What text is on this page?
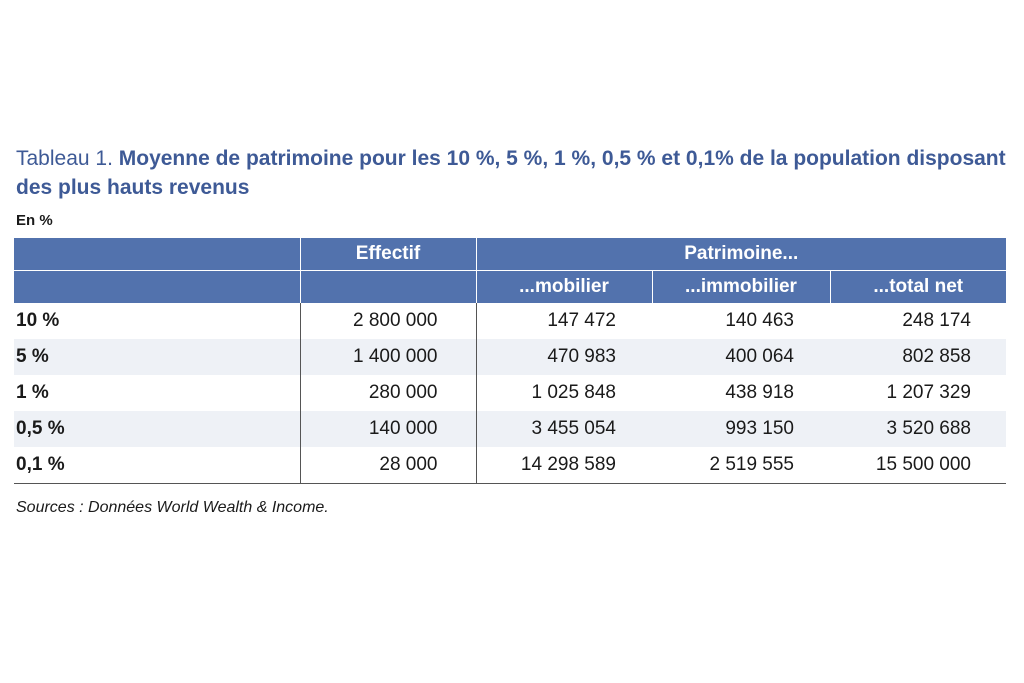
Tableau 1. Moyenne de patrimoine pour les 10 %, 5 %, 1 %, 0,5 % et 0,1% de la population disposant des plus hauts revenus
En %
	Effectif	Patrimoine...		
		...mobilier	...immobilier	...total net
10 %	2 800 000	147 472	140 463	248 174
5 %	1 400 000	470 983	400 064	802 858
1 %	280 000	1 025 848	438 918	1 207 329
0,5 %	140 000	3 455 054	993 150	3 520 688
0,1 %	28 000	14 298 589	2 519 555	15 500 000
Sources : Données World Wealth & Income.
